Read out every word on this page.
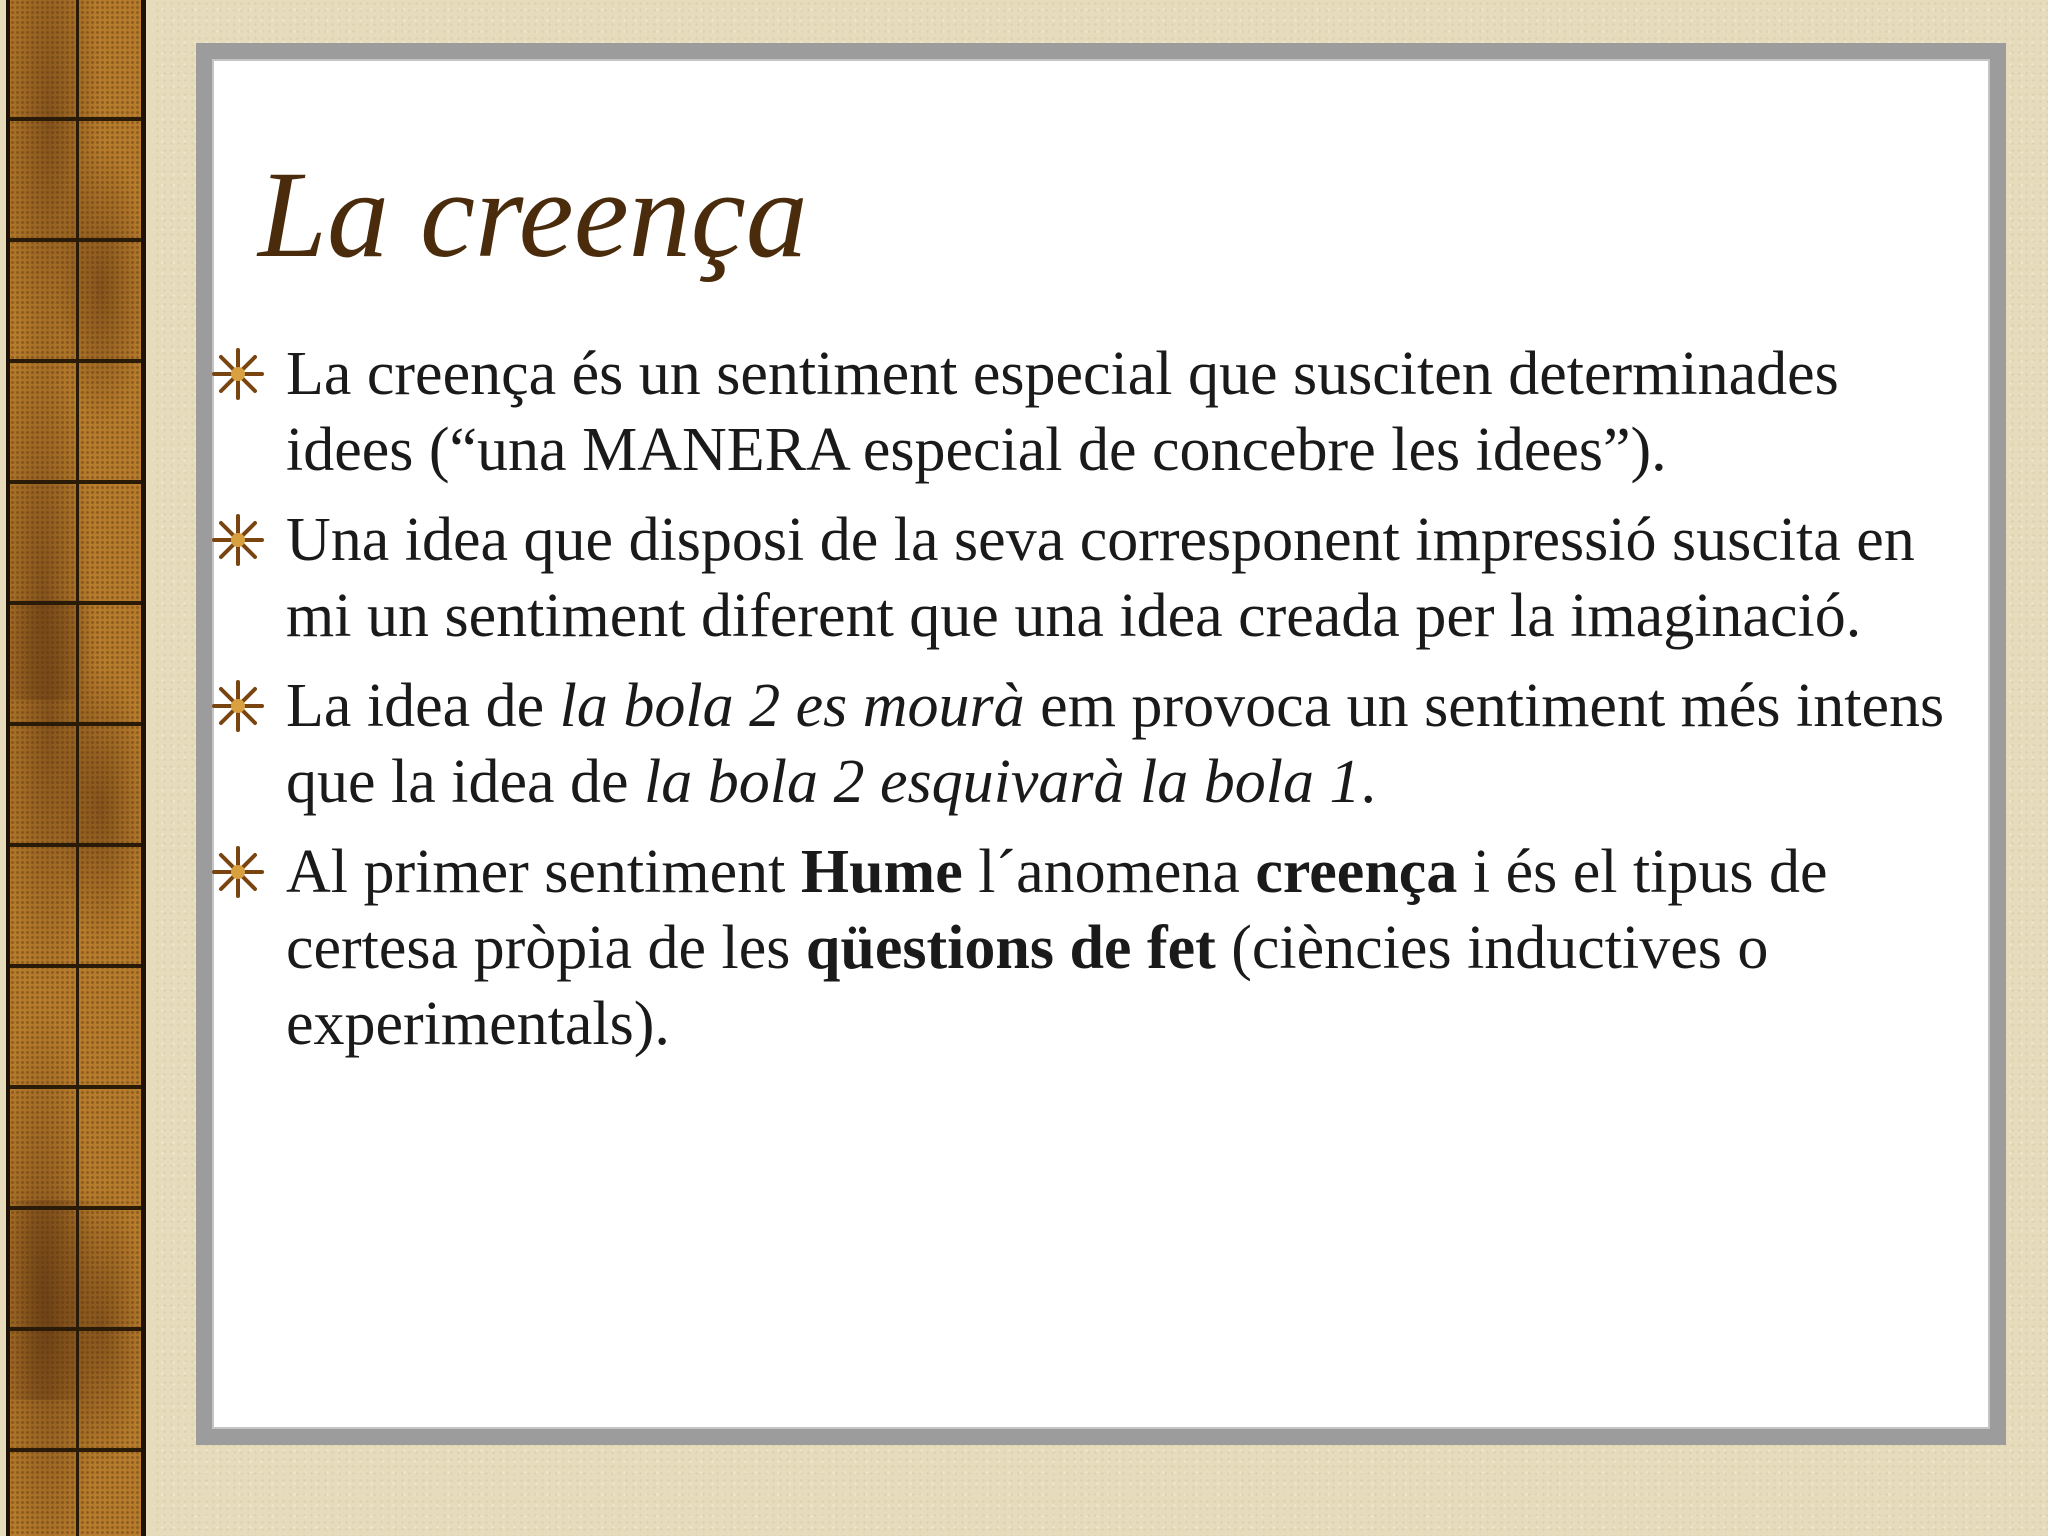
La creença
La creença és un sentiment especial que susciten determinades idees (“una MANERA especial de concebre les idees”).
Una idea que disposi de la seva corresponent impressió suscita en mi un sentiment diferent que una idea creada per la imaginació.
La idea de la bola 2 es mourà em provoca un sentiment més intens que la idea de la bola 2 esquivarà la bola 1.
Al primer sentiment Hume l´anomena creença i és el tipus de certesa pròpia de les qüestions de fet (ciències inductives o experimentals).
